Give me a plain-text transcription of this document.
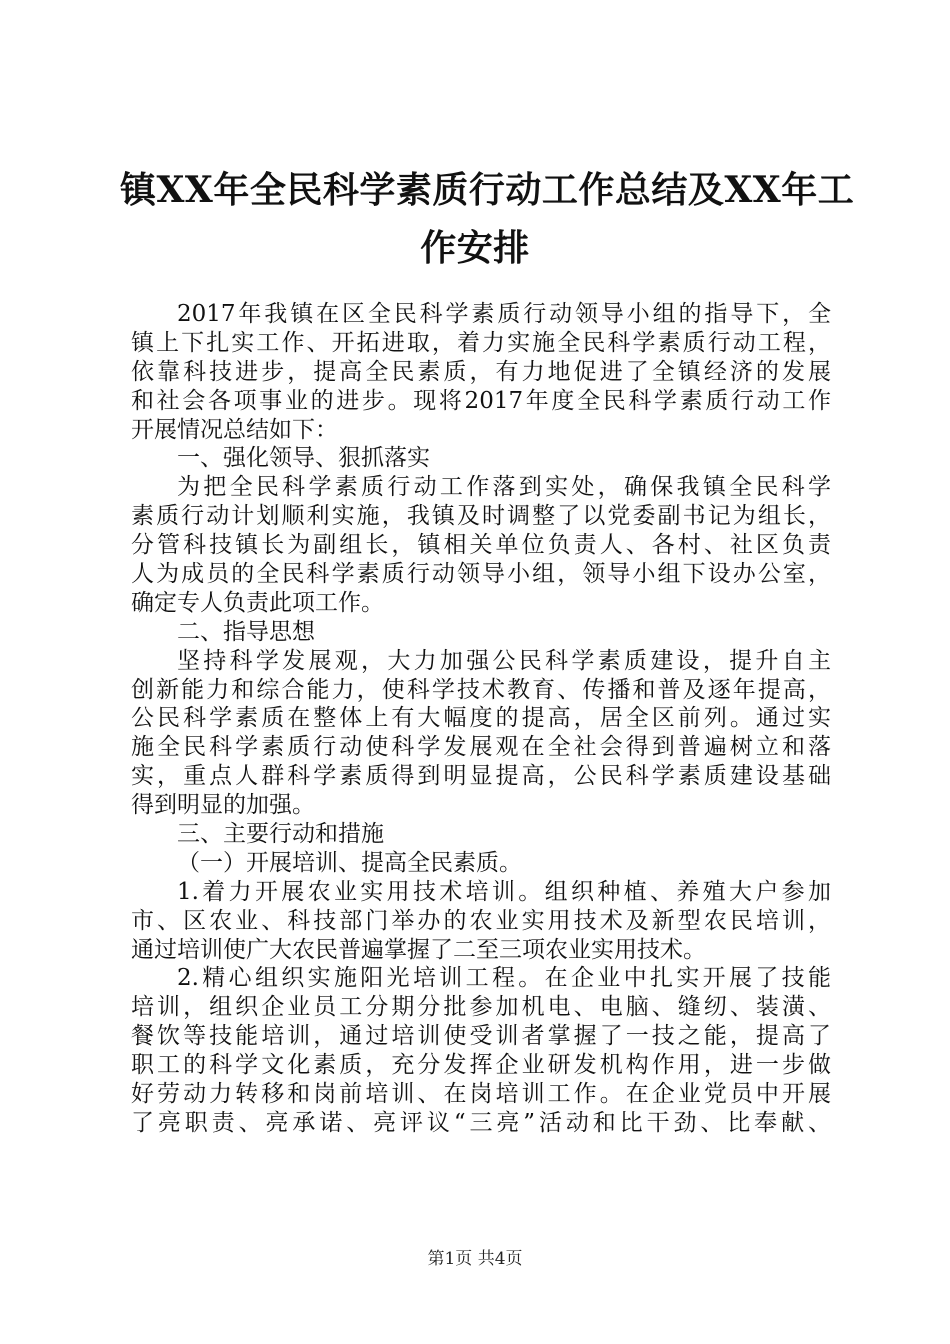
镇XX年全民科学素质行动工作总结及XX年工
作安排
2017年我镇在区全民科学素质行动领导小组的指导下，全
镇上下扎实工作、开拓进取，着力实施全民科学素质行动工程，
依靠科技进步，提高全民素质，有力地促进了全镇经济的发展
和社会各项事业的进步。现将2017年度全民科学素质行动工作
开展情况总结如下：
一、强化领导、狠抓落实
为把全民科学素质行动工作落到实处，确保我镇全民科学
素质行动计划顺利实施，我镇及时调整了以党委副书记为组长，
分管科技镇长为副组长，镇相关单位负责人、各村、社区负责
人为成员的全民科学素质行动领导小组，领导小组下设办公室，
确定专人负责此项工作。
二、指导思想
坚持科学发展观，大力加强公民科学素质建设，提升自主
创新能力和综合能力，使科学技术教育、传播和普及逐年提高，
公民科学素质在整体上有大幅度的提高，居全区前列。通过实
施全民科学素质行动使科学发展观在全社会得到普遍树立和落
实，重点人群科学素质得到明显提高，公民科学素质建设基础
得到明显的加强。
三、主要行动和措施
（一）开展培训、提高全民素质。
1.着力开展农业实用技术培训。组织种植、养殖大户参加
市、区农业、科技部门举办的农业实用技术及新型农民培训，
通过培训使广大农民普遍掌握了二至三项农业实用技术。
2.精心组织实施阳光培训工程。在企业中扎实开展了技能
培训，组织企业员工分期分批参加机电、电脑、缝纫、装潢、
餐饮等技能培训，通过培训使受训者掌握了一技之能，提高了
职工的科学文化素质，充分发挥企业研发机构作用，进一步做
好劳动力转移和岗前培训、在岗培训工作。在企业党员中开展
了亮职责、亮承诺、亮评议“三亮”活动和比干劲、比奉献、
第1页 共4页
